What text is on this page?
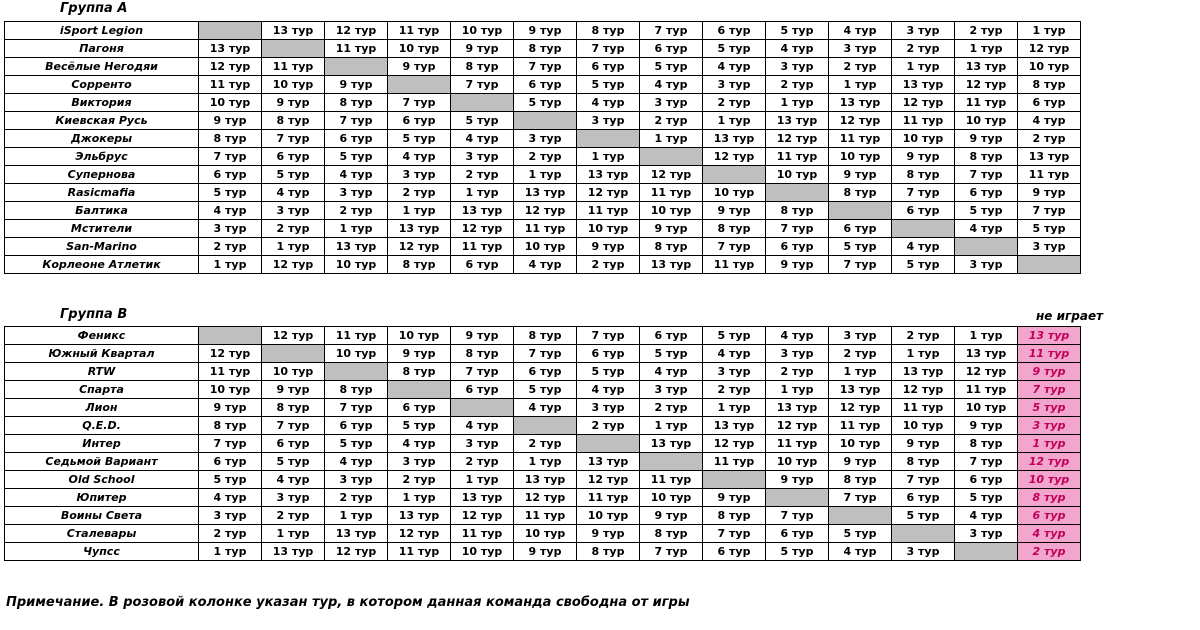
Группа А
iSport Legion		13 тур	12 тур	11 тур	10 тур	9 тур	8 тур	7 тур	6 тур	5 тур	4 тур	3 тур	2 тур	1 тур
Пагоня	13 тур		11 тур	10 тур	9 тур	8 тур	7 тур	6 тур	5 тур	4 тур	3 тур	2 тур	1 тур	12 тур
Весёлые Негодяи	12 тур	11 тур		9 тур	8 тур	7 тур	6 тур	5 тур	4 тур	3 тур	2 тур	1 тур	13 тур	10 тур
Соррентo	11 тур	10 тур	9 тур		7 тур	6 тур	5 тур	4 тур	3 тур	2 тур	1 тур	13 тур	12 тур	8 тур
Виктория	10 тур	9 тур	8 тур	7 тур		5 тур	4 тур	3 тур	2 тур	1 тур	13 тур	12 тур	11 тур	6 тур
Киевская Русь	9 тур	8 тур	7 тур	6 тур	5 тур		3 тур	2 тур	1 тур	13 тур	12 тур	11 тур	10 тур	4 тур
Джокеры	8 тур	7 тур	6 тур	5 тур	4 тур	3 тур		1 тур	13 тур	12 тур	11 тур	10 тур	9 тур	2 тур
Эльбрус	7 тур	6 тур	5 тур	4 тур	3 тур	2 тур	1 тур		12 тур	11 тур	10 тур	9 тур	8 тур	13 тур
Супернова	6 тур	5 тур	4 тур	3 тур	2 тур	1 тур	13 тур	12 тур		10 тур	9 тур	8 тур	7 тур	11 тур
Rasicmafia	5 тур	4 тур	3 тур	2 тур	1 тур	13 тур	12 тур	11 тур	10 тур		8 тур	7 тур	6 тур	9 тур
Балтика	4 тур	3 тур	2 тур	1 тур	13 тур	12 тур	11 тур	10 тур	9 тур	8 тур		6 тур	5 тур	7 тур
Мстители	3 тур	2 тур	1 тур	13 тур	12 тур	11 тур	10 тур	9 тур	8 тур	7 тур	6 тур		4 тур	5 тур
San-Marino	2 тур	1 тур	13 тур	12 тур	11 тур	10 тур	9 тур	8 тур	7 тур	6 тур	5 тур	4 тур		3 тур
Корлеоне Атлетик	1 тур	12 тур	10 тур	8 тур	6 тур	4 тур	2 тур	13 тур	11 тур	9 тур	7 тур	5 тур	3 тур	
Группа В	не играет
Феникс		12 тур	11 тур	10 тур	9 тур	8 тур	7 тур	6 тур	5 тур	4 тур	3 тур	2 тур	1 тур	13 тур
Южный Квартал	12 тур		10 тур	9 тур	8 тур	7 тур	6 тур	5 тур	4 тур	3 тур	2 тур	1 тур	13 тур	11 тур
RTW	11 тур	10 тур		8 тур	7 тур	6 тур	5 тур	4 тур	3 тур	2 тур	1 тур	13 тур	12 тур	9 тур
Спарта	10 тур	9 тур	8 тур		6 тур	5 тур	4 тур	3 тур	2 тур	1 тур	13 тур	12 тур	11 тур	7 тур
Лион	9 тур	8 тур	7 тур	6 тур		4 тур	3 тур	2 тур	1 тур	13 тур	12 тур	11 тур	10 тур	5 тур
Q.E.D.	8 тур	7 тур	6 тур	5 тур	4 тур		2 тур	1 тур	13 тур	12 тур	11 тур	10 тур	9 тур	3 тур
Интер	7 тур	6 тур	5 тур	4 тур	3 тур	2 тур		13 тур	12 тур	11 тур	10 тур	9 тур	8 тур	1 тур
Седьмой Вариант	6 тур	5 тур	4 тур	3 тур	2 тур	1 тур	13 тур		11 тур	10 тур	9 тур	8 тур	7 тур	12 тур
Old School	5 тур	4 тур	3 тур	2 тур	1 тур	13 тур	12 тур	11 тур		9 тур	8 тур	7 тур	6 тур	10 тур
Юпитер	4 тур	3 тур	2 тур	1 тур	13 тур	12 тур	11 тур	10 тур	9 тур		7 тур	6 тур	5 тур	8 тур
Воины Света	3 тур	2 тур	1 тур	13 тур	12 тур	11 тур	10 тур	9 тур	8 тур	7 тур		5 тур	4 тур	6 тур
Сталевары	2 тур	1 тур	13 тур	12 тур	11 тур	10 тур	9 тур	8 тур	7 тур	6 тур	5 тур		3 тур	4 тур
Чупсс	1 тур	13 тур	12 тур	11 тур	10 тур	9 тур	8 тур	7 тур	6 тур	5 тур	4 тур	3 тур		2 тур
Примечание. В розовой колонке указан тур, в котором данная команда свободна от игры
